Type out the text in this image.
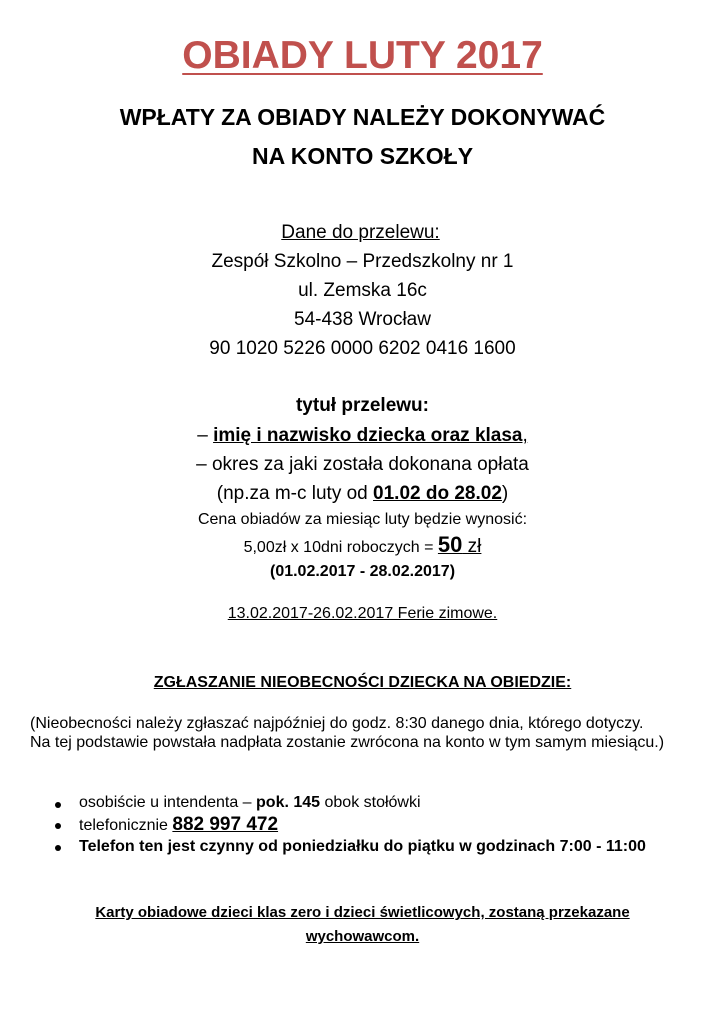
OBIADY LUTY 2017
WPŁATY ZA OBIADY NALEŻY DOKONYWAĆ
NA KONTO SZKOŁY
Dane do przelewu:
Zespół Szkolno – Przedszkolny nr 1
ul. Zemska 16c
54-438 Wrocław
90 1020 5226 0000 6202 0416 1600
tytuł przelewu:
– imię i nazwisko dziecka oraz klasa,
– okres za jaki została dokonana opłata
(np.za m-c luty od 01.02 do 28.02)
Cena obiadów za miesiąc luty będzie wynosić:
5,00zł x 10dni roboczych = 50 zł
(01.02.2017 - 28.02.2017)
13.02.2017-26.02.2017 Ferie zimowe.
ZGŁASZANIE NIEOBECNOŚCI DZIECKA NA OBIEDZIE:
(Nieobecności należy zgłaszać najpóźniej do godz. 8:30 danego dnia, którego dotyczy.
Na tej podstawie powstała nadpłata zostanie zwrócona na konto w tym samym miesiącu.)
osobiście u intendenta – pok. 145 obok stołówki
telefonicznie 882 997 472
Telefon ten jest czynny od poniedziałku do piątku w godzinach 7:00 - 11:00
Karty obiadowe dzieci klas zero i dzieci świetlicowych, zostaną przekazane
wychowawcom.
